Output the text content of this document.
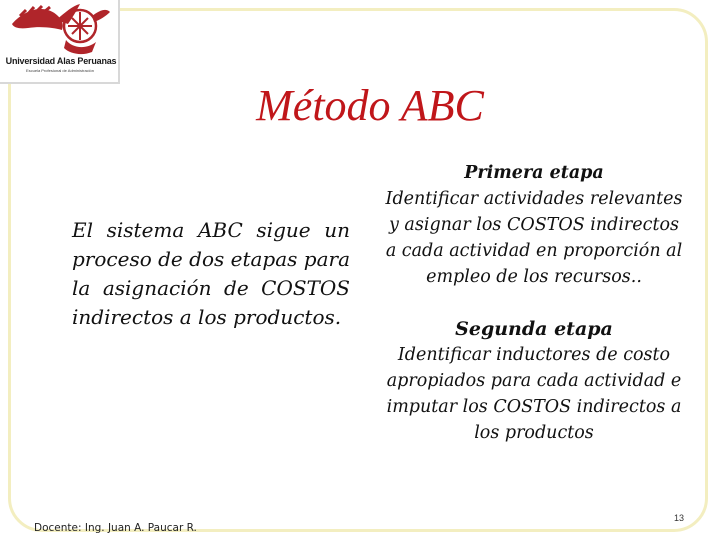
Universidad Alas Peruanas
Escuela Profesional de Administración
Método ABC
El sistema ABC sigue un proceso de dos etapas para la asignación de COSTOS indirectos a los productos.
Primera etapa
Identificar actividades relevantes y asignar los COSTOS indirectos a cada actividad en proporción al empleo de los recursos..
Segunda etapa
Identificar inductores de costo apropiados para cada actividad e imputar los COSTOS indirectos a los productos
Docente: Ing. Juan A. Paucar R.
13
